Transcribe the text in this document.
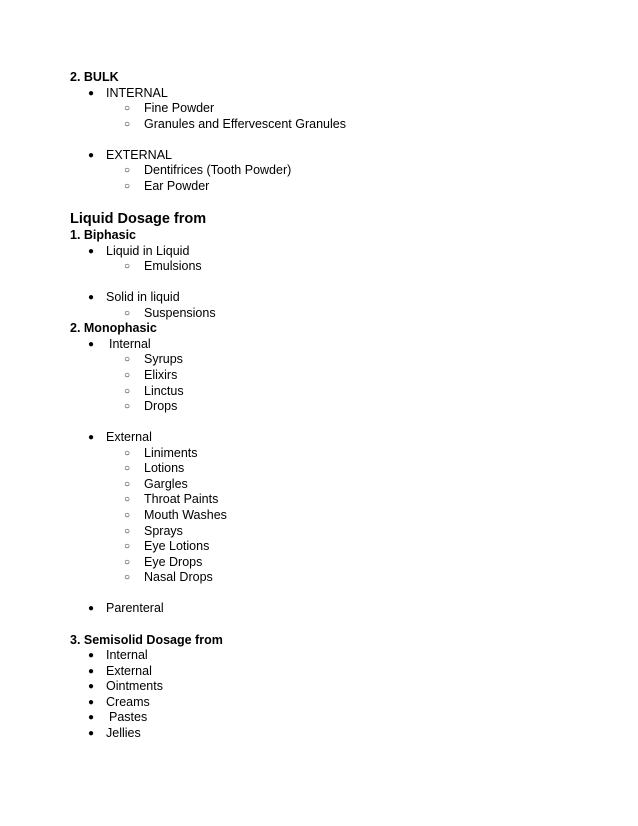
2. BULK
● INTERNAL
○ Fine Powder
○ Granules and Effervescent Granules
● EXTERNAL
○ Dentifrices (Tooth Powder)
○ Ear Powder
Liquid Dosage from
1. Biphasic
● Liquid in Liquid
○ Emulsions
● Solid in liquid
○ Suspensions
2. Monophasic
● Internal
○ Syrups
○ Elixirs
○ Linctus
○ Drops
● External
○ Liniments
○ Lotions
○ Gargles
○ Throat Paints
○ Mouth Washes
○ Sprays
○ Eye Lotions
○ Eye Drops
○ Nasal Drops
● Parenteral
3. Semisolid Dosage from
● Internal
● External
● Ointments
● Creams
● Pastes
● Jellies
